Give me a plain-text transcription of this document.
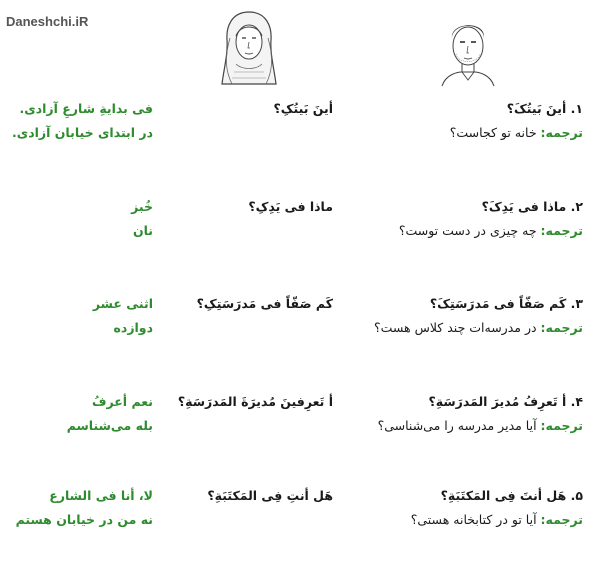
Daneshchi.iR
۱. أینَ بَیتُکَ؟
أینَ بَیتُکِ؟
فی بدایةِ شارعِ آزادی.
ترجمه: خانه تو کجاست؟
در ابتدای خیابان آزادی.
۲. ماذا فی یَدِکَ؟
ماذا فی یَدِکِ؟
خُبز
ترجمه: چه چیزی در دست توست؟
نان
۳. کَم صَفّاً فی مَدرَسَتِکَ؟
کَم صَفّاً فی مَدرَسَتِکِ؟
اثنی عشر
ترجمه: در مدرسه‌ات چند کلاس هست؟
دوازده
۴. أ تَعرِفُ مُدیرَ المَدرَسَةِ؟
أ تَعرِفینَ مُدیرَةَ المَدرَسَةِ؟
نعم أعرفُ
ترجمه: آیا مدیر مدرسه را می‌شناسی؟
بله می‌شناسم
۵. هَل أنتَ فِی المَکتَبَةِ؟
هَل أنتِ فِی المَکتَبَةِ؟
لا، أنا فی الشارع
ترجمه: آیا تو در کتابخانه هستی؟
نه من در خیابان هستم
